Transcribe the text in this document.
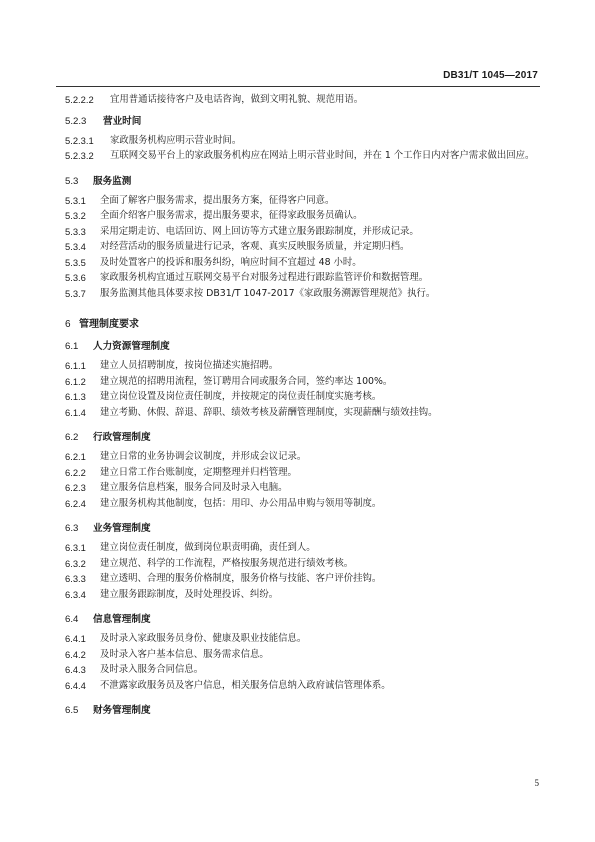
DB31/T 1045—2017
5.2.2.2	宜用普通话接待客户及电话咨询，做到文明礼貌、规范用语。
5.2.3	营业时间
5.2.3.1	家政服务机构应明示营业时间。
5.2.3.2	互联网交易平台上的家政服务机构应在网站上明示营业时间，并在 1 个工作日内对客户需求做出回应。
5.3	服务监测
5.3.1	全面了解客户服务需求，提出服务方案，征得客户同意。
5.3.2	全面介绍客户服务需求，提出服务要求，征得家政服务员确认。
5.3.3	采用定期走访、电话回访、网上回访等方式建立服务跟踪制度，并形成记录。
5.3.4	对经营活动的服务质量进行记录，客观、真实反映服务质量，并定期归档。
5.3.5	及时处置客户的投诉和服务纠纷，响应时间不宜超过 48 小时。
5.3.6	家政服务机构宜通过互联网交易平台对服务过程进行跟踪监管评价和数据管理。
5.3.7	服务监测其他具体要求按 DB31/T 1047-2017《家政服务溯源管理规范》执行。
6 管理制度要求
6.1	人力资源管理制度
6.1.1	建立人员招聘制度，按岗位描述实施招聘。
6.1.2	建立规范的招聘用流程，签订聘用合同或服务合同，签约率达 100%。
6.1.3	建立岗位设置及岗位责任制度，并按规定的岗位责任制度实施考核。
6.1.4	建立考勤、休假、辞退、辞职、绩效考核及薪酬管理制度，实现薪酬与绩效挂钩。
6.2	行政管理制度
6.2.1	建立日常的业务协调会议制度，并形成会议记录。
6.2.2	建立日常工作台账制度，定期整理并归档管理。
6.2.3	建立服务信息档案，服务合同及时录入电脑。
6.2.4	建立服务机构其他制度，包括：用印、办公用品申购与领用等制度。
6.3	业务管理制度
6.3.1	建立岗位责任制度，做到岗位职责明确，责任到人。
6.3.2	建立规范、科学的工作流程，严格按服务规范进行绩效考核。
6.3.3	建立透明、合理的服务价格制度，服务价格与技能、客户评价挂钩。
6.3.4	建立服务跟踪制度，及时处理投诉、纠纷。
6.4	信息管理制度
6.4.1	及时录入家政服务员身份、健康及职业技能信息。
6.4.2	及时录入客户基本信息、服务需求信息。
6.4.3	及时录入服务合同信息。
6.4.4	不泄露家政服务员及客户信息，相关服务信息纳入政府诚信管理体系。
6.5	财务管理制度
5
